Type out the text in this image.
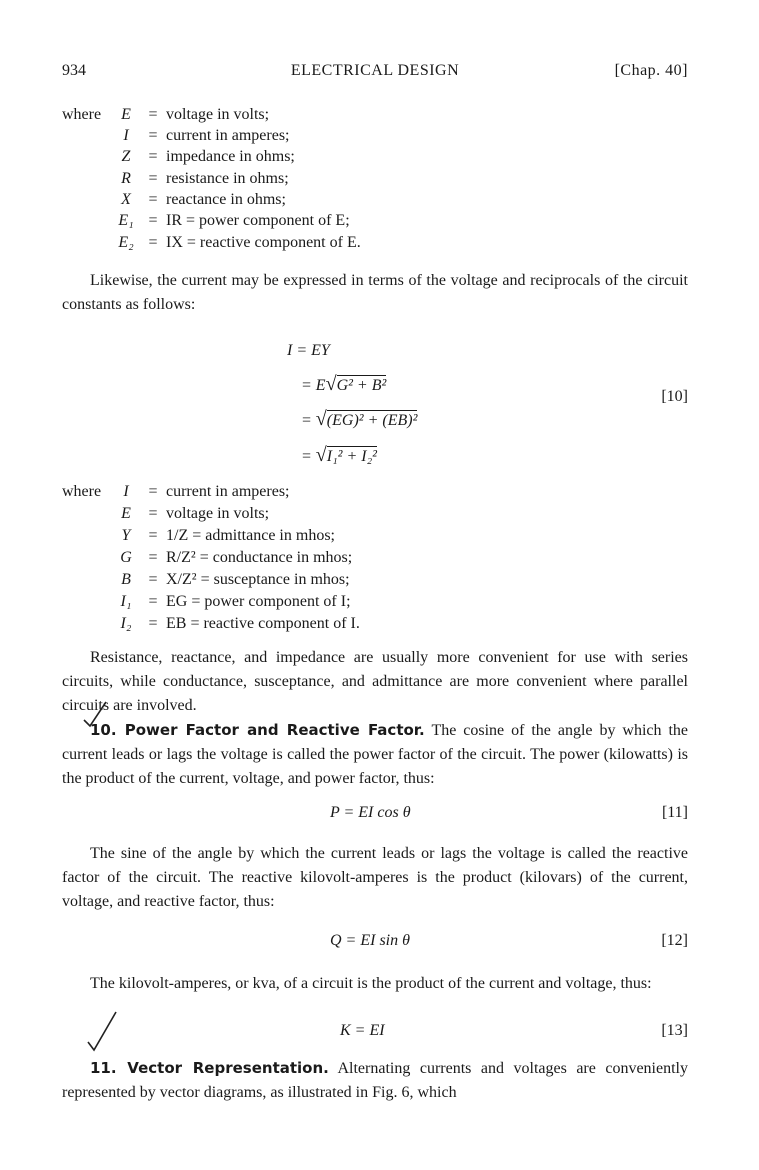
934	ELECTRICAL DESIGN	[Chap. 40]
where	E = voltage in volts;
I = current in amperes;
Z = impedance in ohms;
R = resistance in ohms;
X = reactance in ohms;
E₁ = IR = power component of E;
E₂ = IX = reactive component of E.
Likewise, the current may be expressed in terms of the voltage and reciprocals of the circuit constants as follows:
I = EY
= E√G² + B²
= √(EG)² + (EB)²
= √I₁² + I₂²
[10]
where	I = current in amperes;
E = voltage in volts;
Y = 1/Z = admittance in mhos;
G = R/Z² = conductance in mhos;
B = X/Z² = susceptance in mhos;
I₁ = EG = power component of I;
I₂ = EB = reactive component of I.
Resistance, reactance, and impedance are usually more convenient for use with series circuits, while conductance, susceptance, and admittance are more convenient where parallel circuits are involved.
10. Power Factor and Reactive Factor. The cosine of the angle by which the current leads or lags the voltage is called the power factor of the circuit. The power (kilowatts) is the product of the current, voltage, and power factor, thus:
P = EI cos θ	[11]
The sine of the angle by which the current leads or lags the voltage is called the reactive factor of the circuit. The reactive kilovolt-amperes is the product (kilovars) of the current, voltage, and reactive factor, thus:
Q = EI sin θ	[12]
The kilovolt-amperes, or kva, of a circuit is the product of the current and voltage, thus:
K = EI	[13]
11. Vector Representation. Alternating currents and voltages are conveniently represented by vector diagrams, as illustrated in Fig. 6, which
